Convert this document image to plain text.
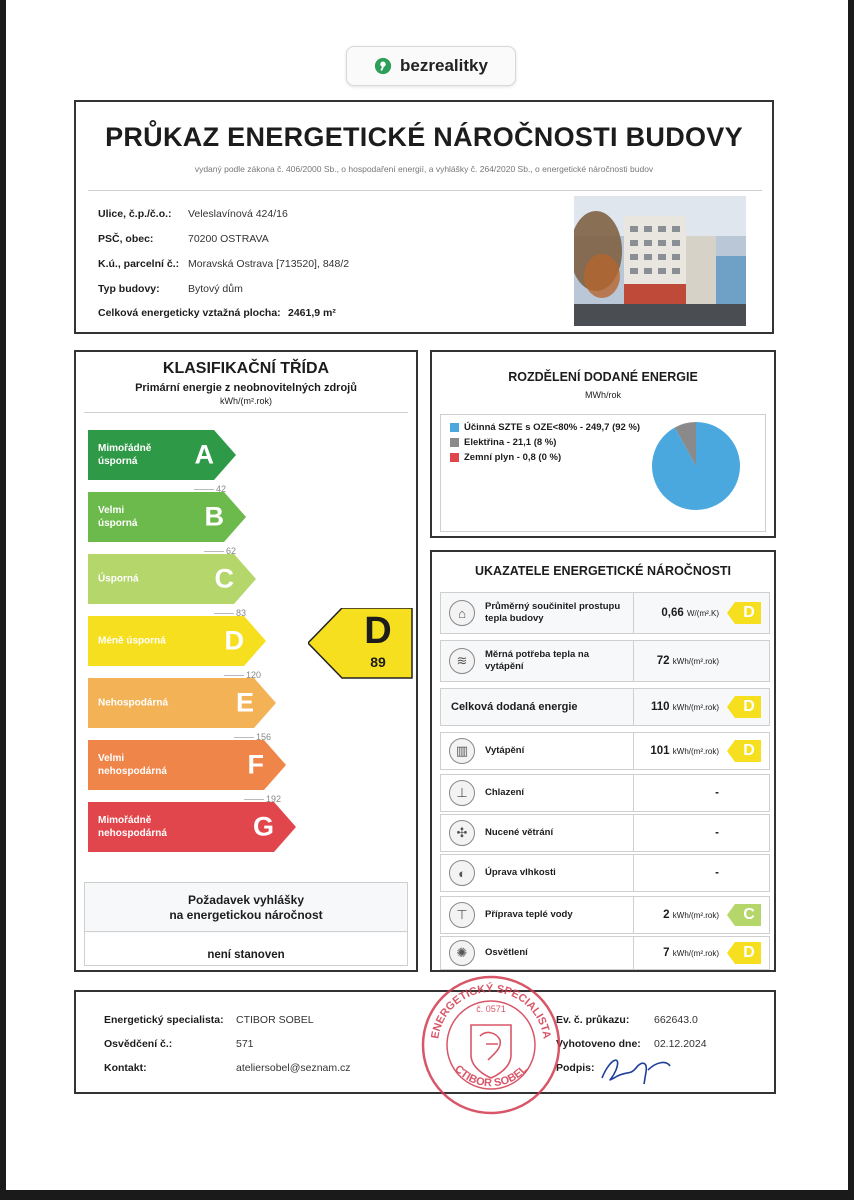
bezrealitky
PRŮKAZ ENERGETICKÉ NÁROČNOSTI BUDOVY
vydaný podle zákona č. 406/2000 Sb., o hospodaření energií, a vyhlášky č. 264/2020 Sb., o energetické náročnosti budov
Ulice, č.p./č.o.: Veleslavínová 424/16
PSČ, obec:	70200 OSTRAVA
K.ú., parcelní č.: Moravská Ostrava [713520], 848/2
Typ budovy:	Bytový dům
Celková energeticky vztažná plocha: 2461,9 m²
KLASIFIKAČNÍ TŘÍDA
Primární energie z neobnovitelných zdrojů
kWh/(m².rok)
Mimořádně
úsporná	A
Velmi
úsporná B
Úsporná	C
Méně úsporná D
Nehospodárná	E
Velmi
nehospodárná	F
Mimořádně
nehospodárná	G
42
62
83
120
156
192
D
89
Požadavek vyhlášky
na energetickou náročnost
není stanoven
ROZDĚLENÍ DODANÉ ENERGIE
MWh/rok
Účinná SZTE s OZE<80% - 249,7 (92 %)
Elektřina - 21,1 (8 %)
Zemní plyn - 0,8 (0 %)
UKAZATELE ENERGETICKÉ NÁROČNOSTI
⌂	Průměrný součinitel prostupu tepla budovy	0,66 W/(m².K)	D
≋	Měrná potřeba tepla na vytápění	72 kWh/(m².rok)
Celková dodaná energie	110 kWh/(m².rok)	D
▥	Vytápění	101 kWh/(m².rok)	D
⊥	Chlazení	-
✣	Nucené větrání	-
◐	Úprava vlhkosti	-
⊤	Příprava teplé vody	2 kWh/(m².rok)	C
✺	Osvětlení	7 kWh/(m².rok)	D
Energetický specialista: CTIBOR SOBEL
Osvědčení č.:	571
Kontakt:	ateliersobel@seznam.cz
Ev. č. průkazu: 662643.0
Vyhotoveno dne: 02.12.2024
Podpis:
ENERGETICKÝ SPECIALISTA
CTIBOR SOBEL
č. 0571
